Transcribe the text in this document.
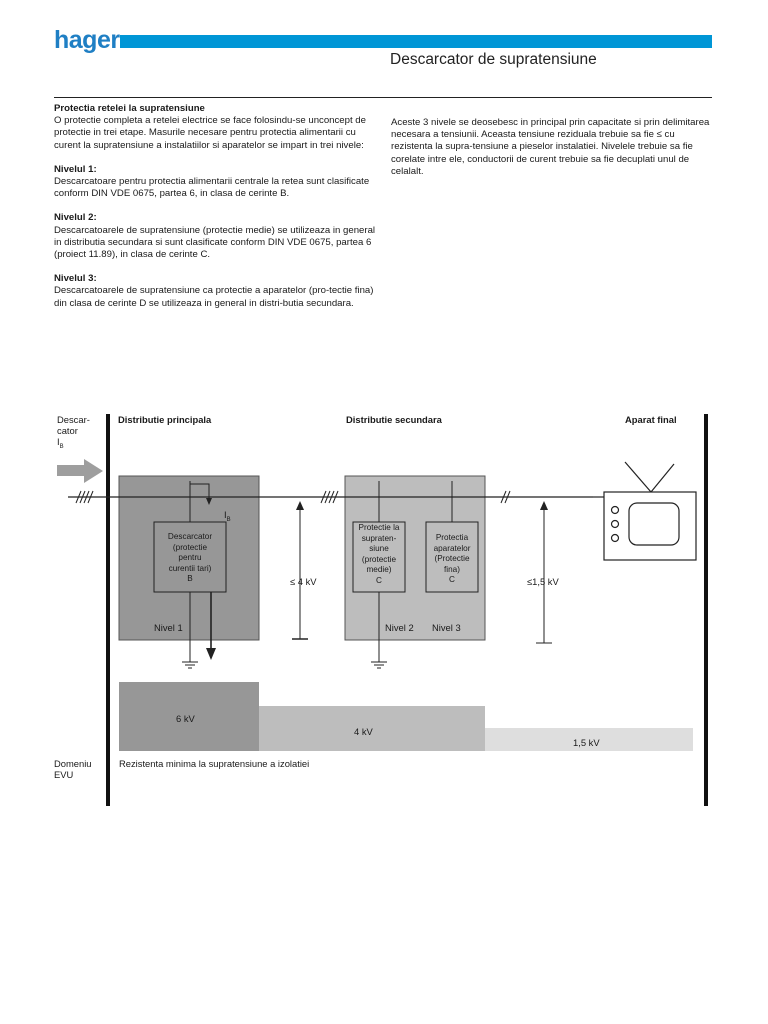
hager
Descarcator de supratensiune
Protectia retelei la supratensiune

O protectie completa a retelei electrice se face folosindu-se unconcept de protectie in trei etape. Masurile necesare pentru protectia alimentarii cu curent la supratensiune a instalatiilor si aparatelor se impart in trei nivele:

Nivelul 1:

Descarcatoare pentru protectia alimentarii centrale la retea sunt clasificate conform DIN VDE 0675, partea 6, in clasa de cerinte B.

Nivelul 2:

Descarcatoarele de supratensiune (protectie medie) se utilizeaza in general in distributia secundara si sunt clasificate conform DIN VDE 0675, partea 6 (proiect 11.89), in clasa de cerinte C.

Nivelul 3:

Descarcatoarele de supratensiune ca protectie a aparatelor (pro-tectie fina) din clasa de cerinte D se utilizeaza in general in distri-butia secundara.

Aceste 3 nivele se deosebesc in principal prin capacitate si prin delimitarea necesara a tensiunii. Aceasta tensiune reziduala trebuie sa fie ≤ cu rezistenta la supra-tensiune a pieselor instalatiei. Nivelele trebuie sa fie corelate intre ele, conductorii de curent trebuie sa fie decuplati unul de celalalt.

Descar-
cator
$I_B$
Distributie principala	Distributie secundara	Aparat final
$I_B$
Descarcator
(protectie
pentru
curentii tari)
B
Protectie la
supraten-
siune
(protectie
medie)
C
Protectia
aparatelor
(Protectie
fina)
C
Nivel 1	Nivel 2 Nivel 3
≤ 4 kV	≤1,5 kV
6 kV
4 kV
1,5 kV
Domeniu
EVU
Rezistenta minima la supratensiune a izolatiei
